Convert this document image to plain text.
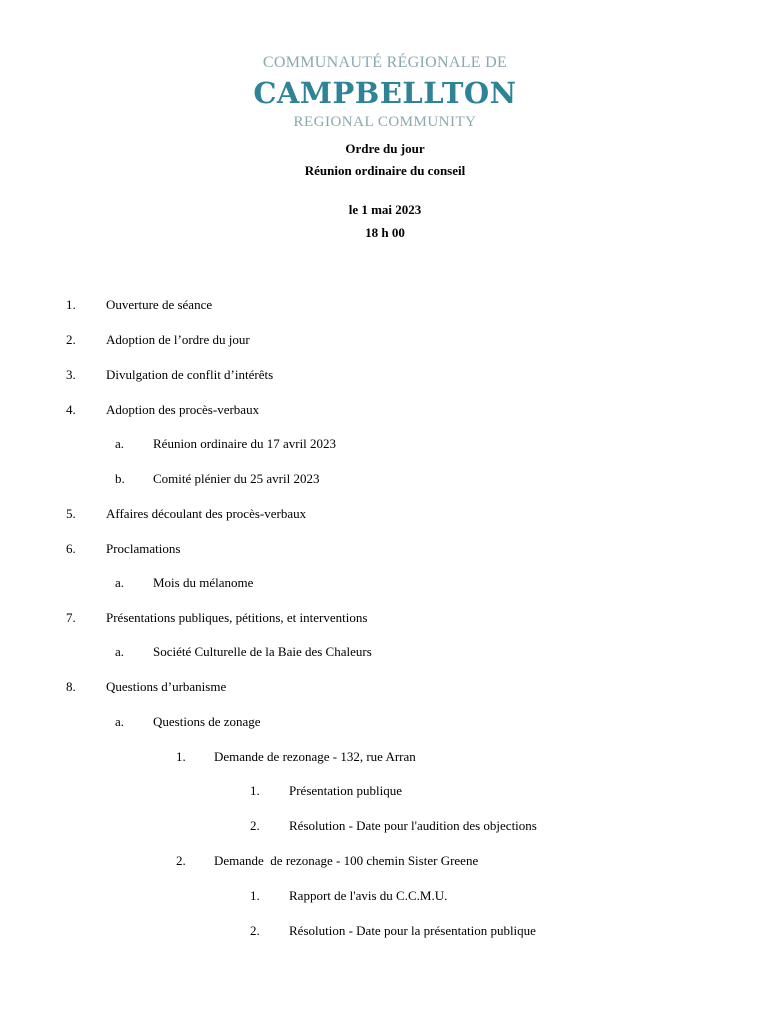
COMMUNAUTÉ RÉGIONALE DE
CAMPBELLTON
REGIONAL COMMUNITY
Ordre du jour
Réunion ordinaire du conseil
le 1 mai 2023
18 h 00
1. Ouverture de séance
2. Adoption de l’ordre du jour
3. Divulgation de conflit d’intérêts
4. Adoption des procès-verbaux
a. Réunion ordinaire du 17 avril 2023
b. Comité plénier du 25 avril 2023
5. Affaires découlant des procès-verbaux
6. Proclamations
a. Mois du mélanome
7. Présentations publiques, pétitions, et interventions
a. Société Culturelle de la Baie des Chaleurs
8. Questions d’urbanisme
a. Questions de zonage
1. Demande de rezonage - 132, rue Arran
1. Présentation publique
2. Résolution - Date pour l'audition des objections
2. Demande  de rezonage - 100 chemin Sister Greene
1. Rapport de l'avis du C.C.M.U.
2. Résolution - Date pour la présentation publique
